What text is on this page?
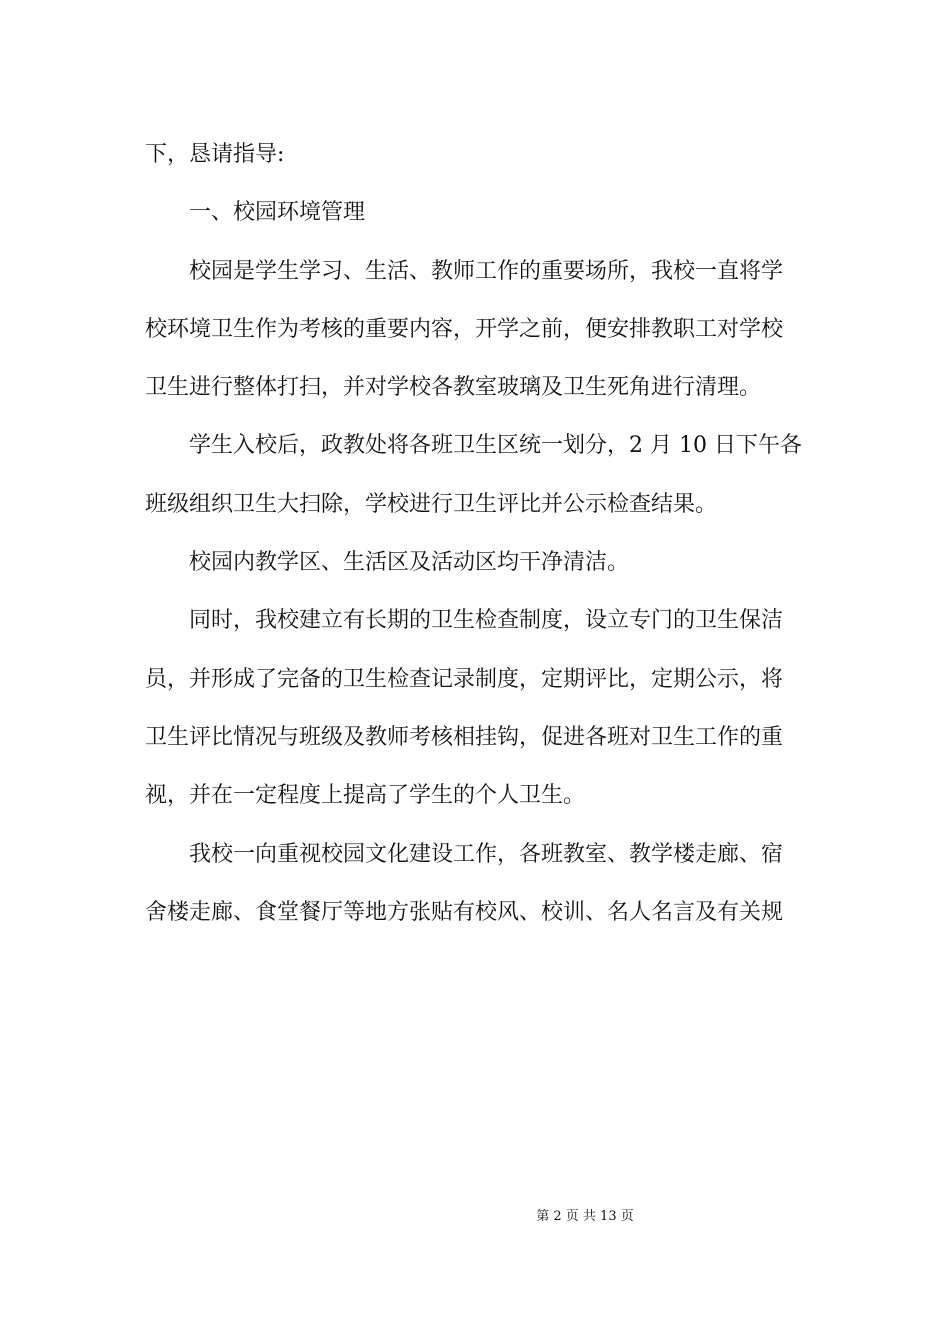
下，恳请指导:
一、校园环境管理
校园是学生学习、生活、教师工作的重要场所，我校一直将学
校环境卫生作为考核的重要内容，开学之前，便安排教职工对学校
卫生进行整体打扫，并对学校各教室玻璃及卫生死角进行清理。
学生入校后，政教处将各班卫生区统一划分，2 月 10 日下午各
班级组织卫生大扫除，学校进行卫生评比并公示检查结果。
校园内教学区、生活区及活动区均干净清洁。
同时，我校建立有长期的卫生检查制度，设立专门的卫生保洁
员，并形成了完备的卫生检查记录制度，定期评比，定期公示，将
卫生评比情况与班级及教师考核相挂钩，促进各班对卫生工作的重
视，并在一定程度上提高了学生的个人卫生。
我校一向重视校园文化建设工作，各班教室、教学楼走廊、宿
舍楼走廊、食堂餐厅等地方张贴有校风、校训、名人名言及有关规
第 2 页 共 13 页
